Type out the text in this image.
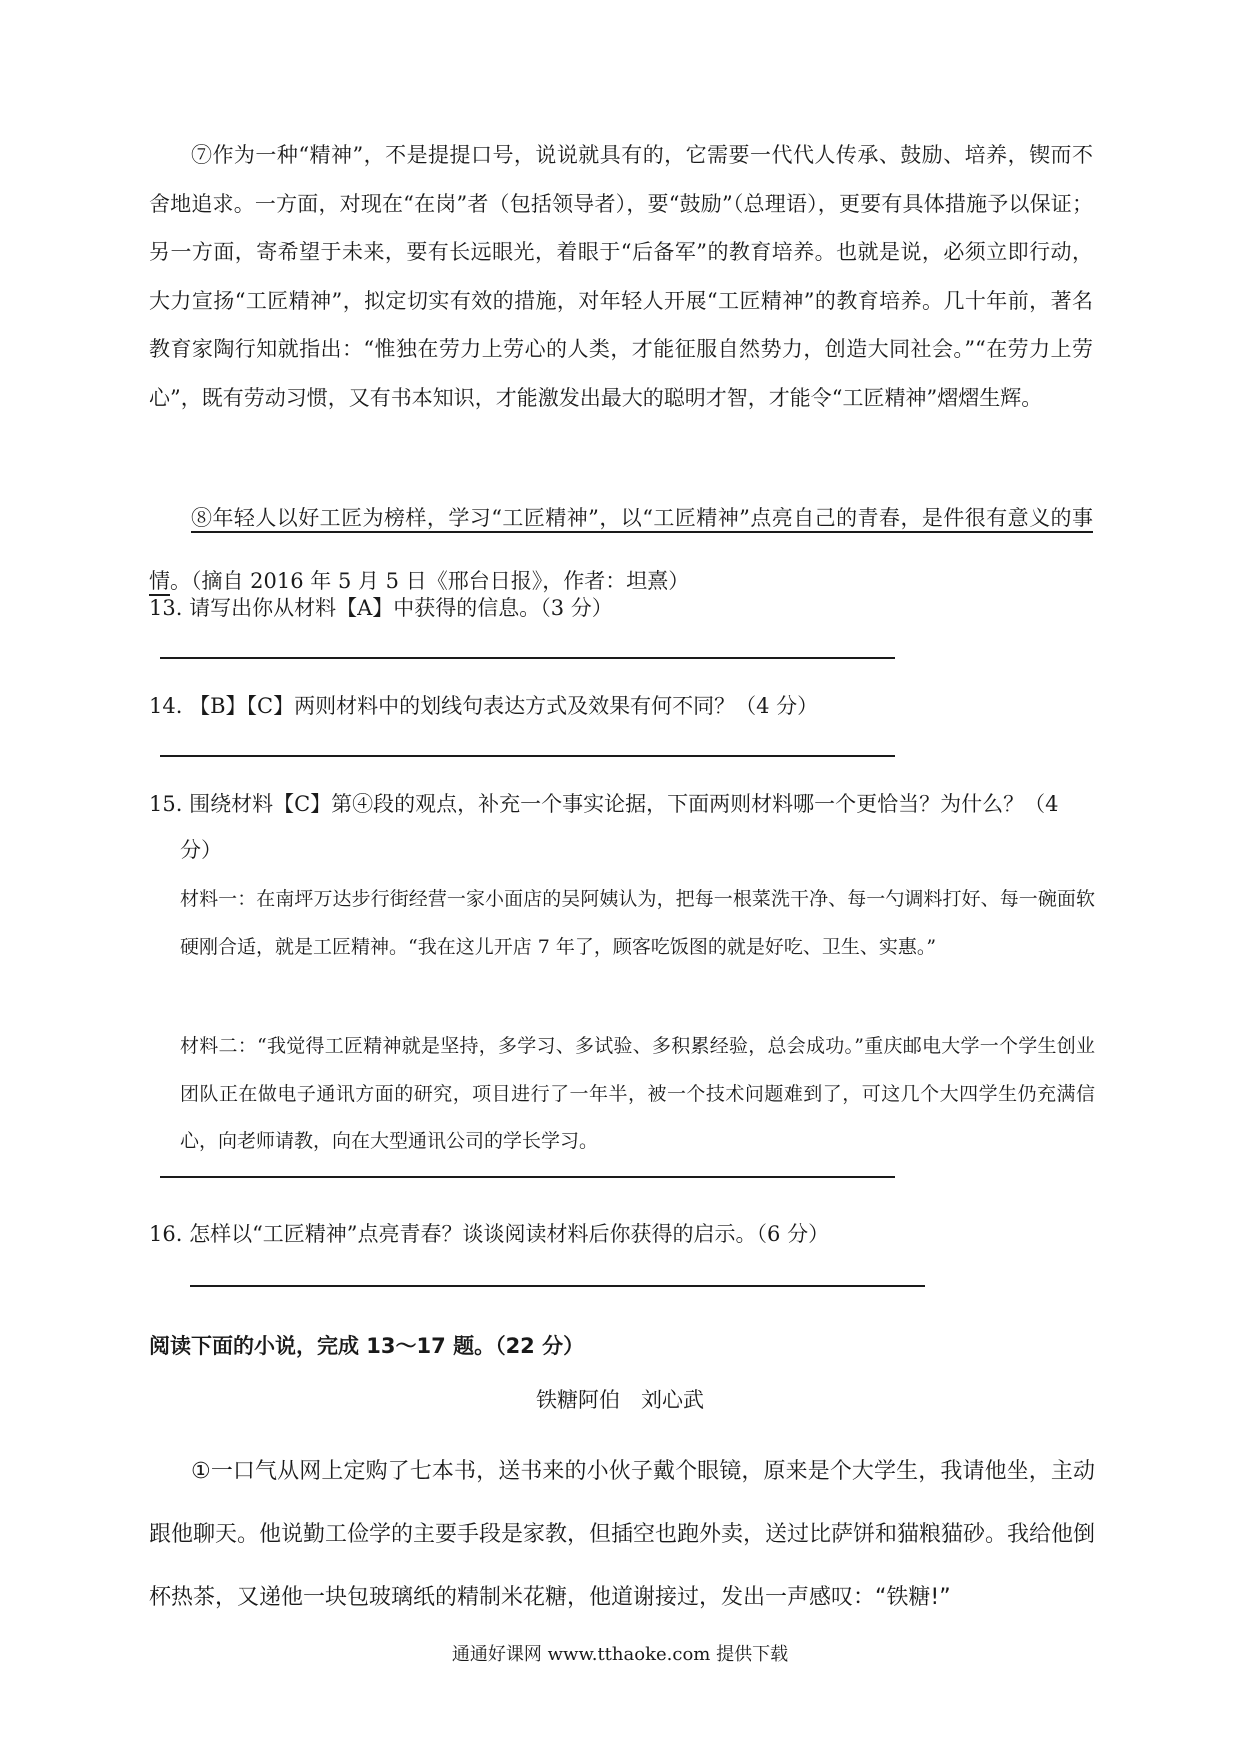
⑦作为一种“精神”，不是提提口号，说说就具有的，它需要一代代人传承、鼓励、培养，锲而不舍地追求。一方面，对现在“在岗”者（包括领导者），要“鼓励”（总理语），更要有具体措施予以保证；另一方面，寄希望于未来，要有长远眼光，着眼于“后备军”的教育培养。也就是说，必须立即行动，大力宣扬“工匠精神”，拟定切实有效的措施，对年轻人开展“工匠精神”的教育培养。几十年前，著名教育家陶行知就指出：“惟独在劳力上劳心的人类，才能征服自然势力，创造大同社会。”“在劳力上劳心”，既有劳动习惯，又有书本知识，才能激发出最大的聪明才智，才能令“工匠精神”熠熠生辉。

⑧年轻人以好工匠为榜样，学习“工匠精神”，以“工匠精神”点亮自己的青春，是件很有意义的事情。（摘自 2016 年 5 月 5 日《邢台日报》，作者：坦熹）

13. 请写出你从材料【A】中获得的信息。（3 分）

14. 【B】【C】两则材料中的划线句表达方式及效果有何不同？（4 分）

15. 围绕材料【C】第④段的观点，补充一个事实论据，下面两则材料哪一个更恰当？为什么？（4

分）

材料一：在南坪万达步行街经营一家小面店的吴阿姨认为，把每一根菜洗干净、每一勺调料打好、每一碗面软硬刚合适，就是工匠精神。“我在这儿开店 7 年了，顾客吃饭图的就是好吃、卫生、实惠。”

材料二：“我觉得工匠精神就是坚持，多学习、多试验、多积累经验，总会成功。”重庆邮电大学一个学生创业团队正在做电子通讯方面的研究，项目进行了一年半，被一个技术问题难到了，可这几个大四学生仍充满信心，向老师请教，向在大型通讯公司的学长学习。

16. 怎样以“工匠精神”点亮青春？谈谈阅读材料后你获得的启示。（6 分）

阅读下面的小说，完成 13～17 题。（22 分）

铁糖阿伯　刘心武

①一口气从网上定购了七本书，送书来的小伙子戴个眼镜，原来是个大学生，我请他坐，主动跟他聊天。他说勤工俭学的主要手段是家教，但插空也跑外卖，送过比萨饼和猫粮猫砂。我给他倒杯热茶，又递他一块包玻璃纸的精制米花糖，他道谢接过，发出一声感叹：“铁糖!”

通通好课网 www.tthaoke.com 提供下载
